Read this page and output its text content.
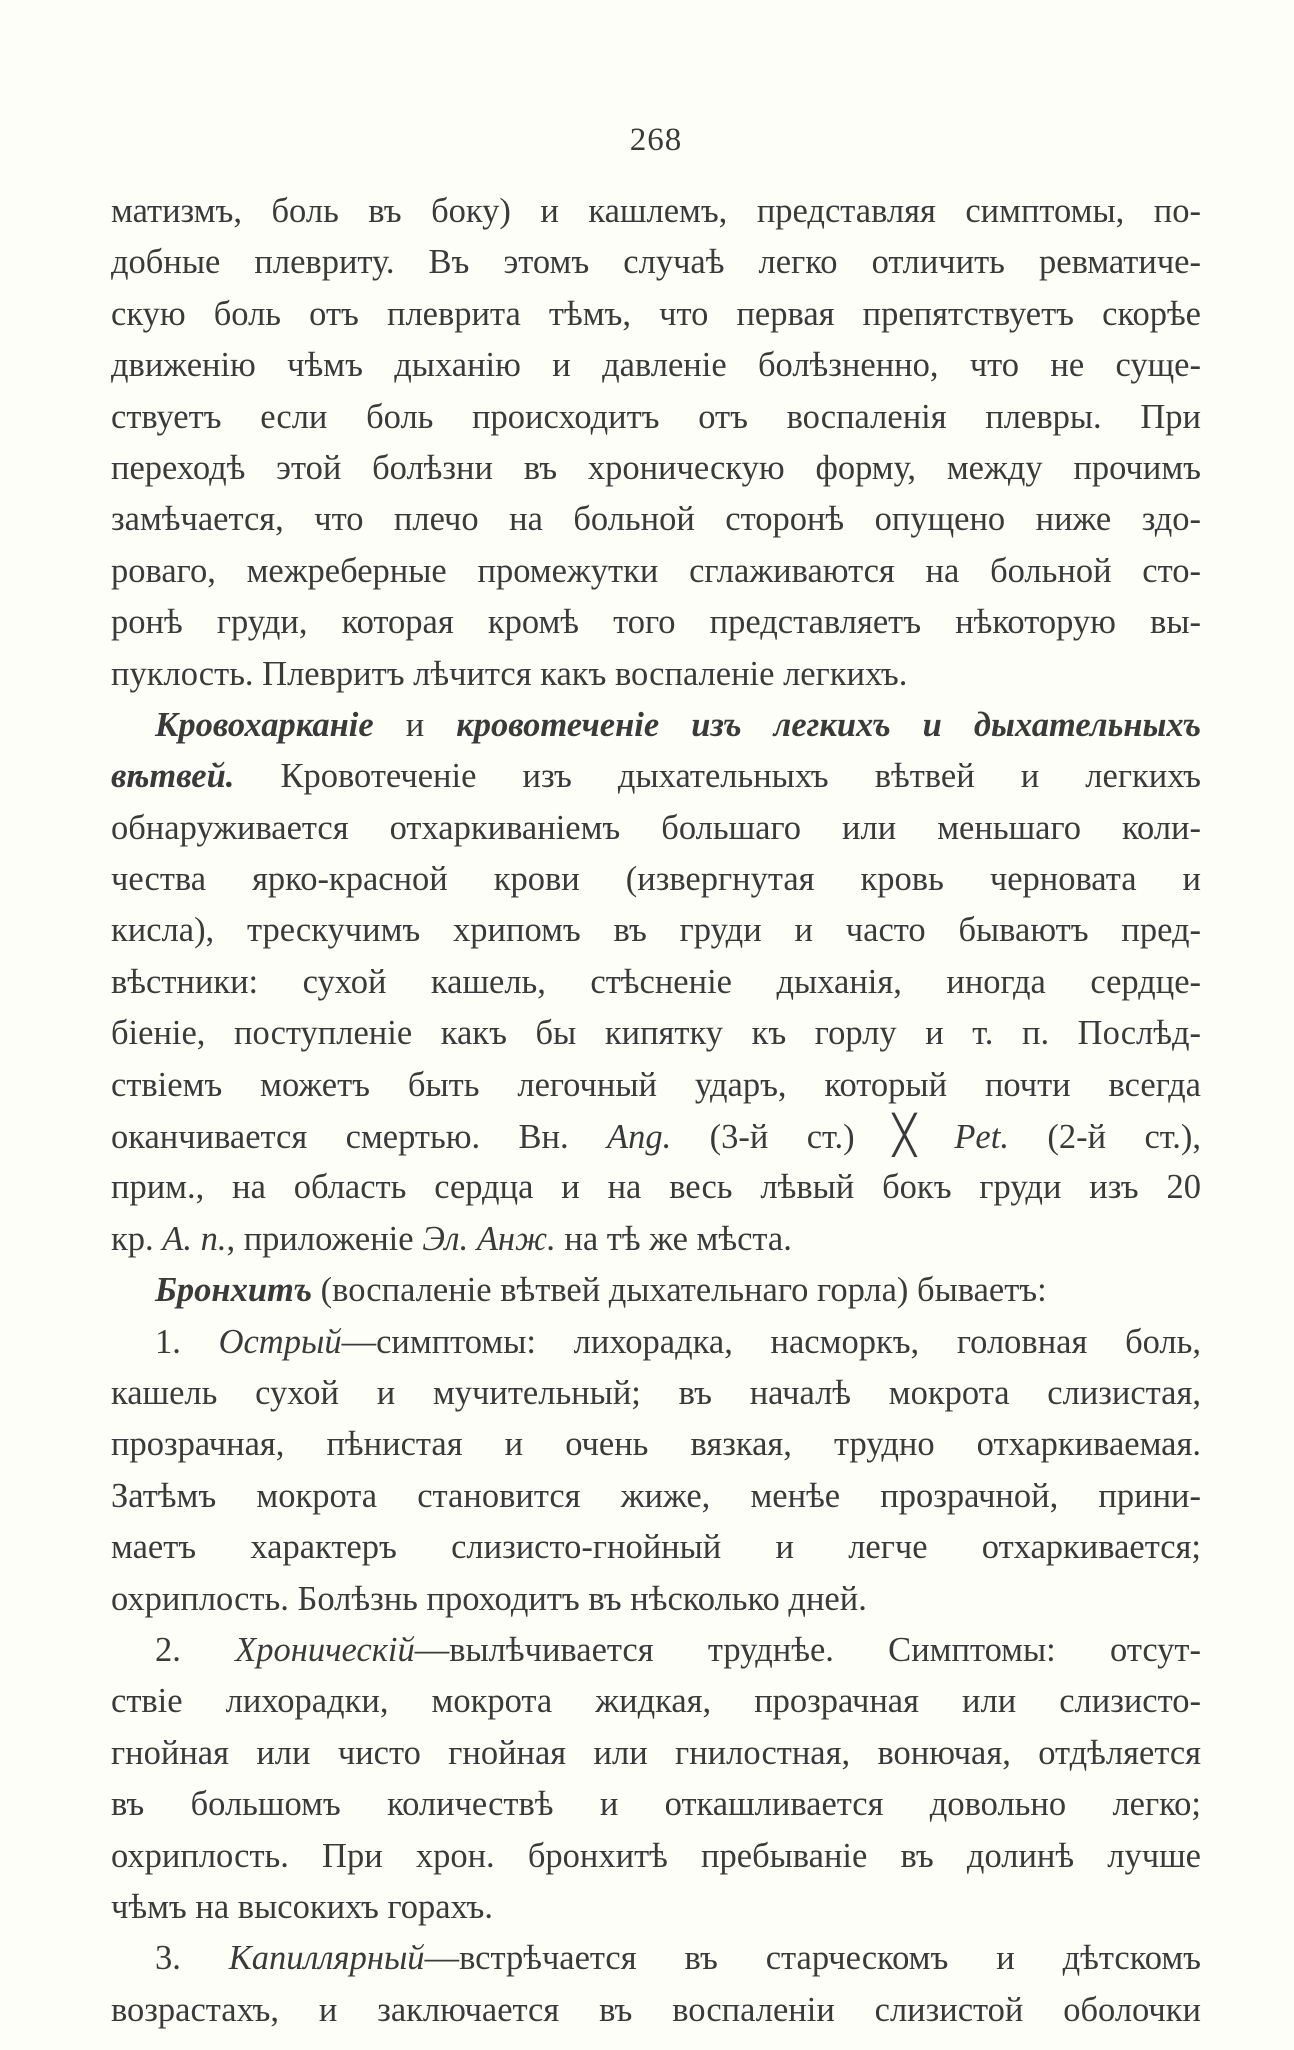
268
матизмъ, боль въ боку) и кашлемъ, представляя симптомы, по-
добные плевриту. Въ этомъ случаѣ легко отличить ревматиче-
скую боль отъ плеврита тѣмъ, что первая препятствуетъ скорѣе
движенію чѣмъ дыханію и давленіе болѣзненно, что не суще-
ствуетъ если боль происходитъ отъ воспаленія плевры. При
переходѣ этой болѣзни въ хроническую форму, между прочимъ
замѣчается, что плечо на больной сторонѣ опущено ниже здо-
роваго, межреберные промежутки сглаживаются на больной сто-
ронѣ груди, которая кромѣ того представляетъ нѣкоторую вы-
пуклость. Плевритъ лѣчится какъ воспаленіе легкихъ.
Кровохарканіе и кровотеченіе изъ легкихъ и дыхательныхъ
вѣтвей. Кровотеченіе изъ дыхательныхъ вѣтвей и легкихъ
обнаруживается отхаркиваніемъ большаго или меньшаго коли-
чества ярко-красной крови (извергнутая кровь черновата и
кисла), трескучимъ хрипомъ въ груди и часто бываютъ пред-
вѣстники: сухой кашель, стѣсненіе дыханія, иногда сердце-
біеніе, поступленіе какъ бы кипятку къ горлу и т. п. Послѣд-
ствіемъ можетъ быть легочный ударъ, который почти всегда
оканчивается смертью. Вн. Ang. (3-й ст.) ╳ Pet. (2-й ст.),
прим., на область сердца и на весь лѣвый бокъ груди изъ 20
кр. А. п., приложеніе Эл. Анж. на тѣ же мѣста.
Бронхитъ (воспаленіе вѣтвей дыхательнаго горла) бываетъ:
1. Острый—симптомы: лихорадка, насморкъ, головная боль,
кашель сухой и мучительный; въ началѣ мокрота слизистая,
прозрачная, пѣнистая и очень вязкая, трудно отхаркиваемая.
Затѣмъ мокрота становится жиже, менѣе прозрачной, прини-
маетъ характеръ слизисто-гнойный и легче отхаркивается;
охриплость. Болѣзнь проходитъ въ нѣсколько дней.
2. Хроническій—вылѣчивается труднѣе. Симптомы: отсут-
ствіе лихорадки, мокрота жидкая, прозрачная или слизисто-
гнойная или чисто гнойная или гнилостная, вонючая, отдѣляется
въ большомъ количествѣ и откашливается довольно легко;
охриплость. При хрон. бронхитѣ пребываніе въ долинѣ лучше
чѣмъ на высокихъ горахъ.
3. Капиллярный—встрѣчается въ старческомъ и дѣтскомъ
возрастахъ, и заключается въ воспаленіи слизистой оболочки
